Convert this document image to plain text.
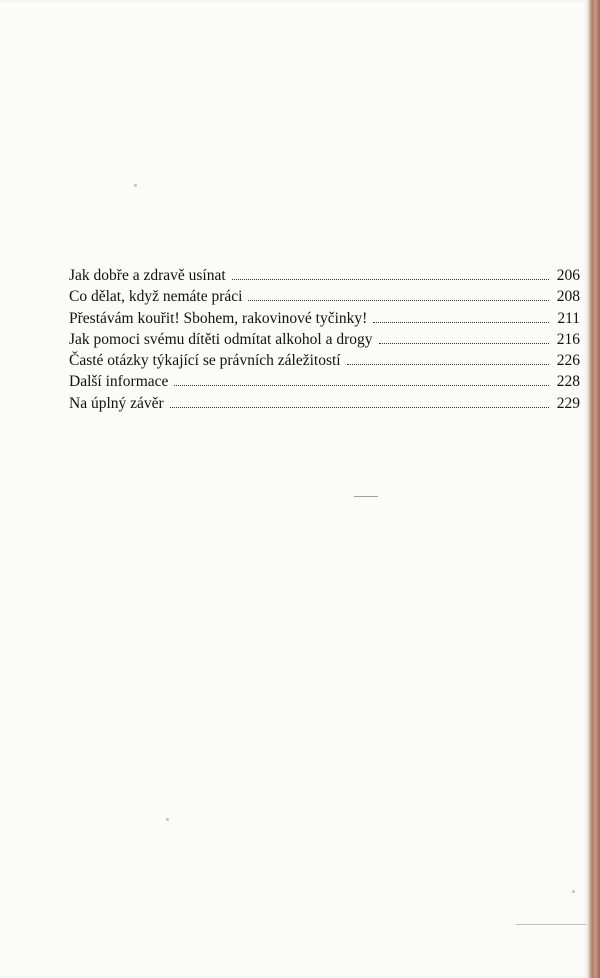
Jak dobře a zdravě usínat	206
Co dělat, když nemáte práci	208
Přestávám kouřit! Sbohem, rakovinové tyčinky!	211
Jak pomoci svému dítěti odmítat alkohol a drogy	216
Časté otázky týkající se právních záležitostí	226
Další informace	228
Na úplný závěr	229
